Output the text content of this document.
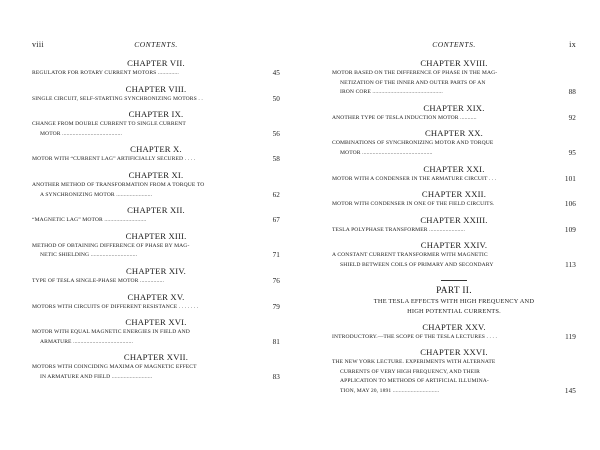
viii	CONTENTS.
CHAPTER VII.
REGULATOR FOR ROTARY CURRENT MOTORS ..............	45
CHAPTER VIII.
SINGLE CIRCUIT, SELF-STARTING SYNCHRONIZING MOTORS . .	50
CHAPTER IX.
CHANGE FROM DOUBLE CURRENT TO SINGLE CURRENT
MOTOR ........................................	56
CHAPTER X.
MOTOR WITH “CURRENT LAG” ARTIFICIALLY SECURED . . . .	58
CHAPTER XI.
ANOTHER METHOD OF TRANSFORMATION FROM A TORQUE TO
A SYNCHRONIZING MOTOR ........................	62
CHAPTER XII.
“MAGNETIC LAG” MOTOR ............................	67
CHAPTER XIII.
METHOD OF OBTAINING DIFFERENCE OF PHASE BY MAG-
NETIC SHIELDING ...............................	71
CHAPTER XIV.
TYPE OF TESLA SINGLE-PHASE MOTOR ................	76
CHAPTER XV.
MOTORS WITH CIRCUITS OF DIFFERENT RESISTANCE . . . . . . .	79
CHAPTER XVI.
MOTOR WITH EQUAL MAGNETIC ENERGIES IN FIELD AND
ARMATURE ........................................	81
CHAPTER XVII.
MOTORS WITH COINCIDING MAXIMA OF MAGNETIC EFFECT
IN ARMATURE AND FIELD ...........................	83
CONTENTS.	ix
CHAPTER XVIII.
MOTOR BASED ON THE DIFFERENCE OF PHASE IN THE MAG-
NETIZATION OF THE INNER AND OUTER PARTS OF AN
IRON CORE ...............................................	88
CHAPTER XIX.
ANOTHER TYPE OF TESLA INDUCTION MOTOR ...........	92
CHAPTER XX.
COMBINATIONS OF SYNCHRONIZING MOTOR AND TORQUE
MOTOR ...............................................	95
CHAPTER XXI.
MOTOR WITH A CONDENSER IN THE ARMATURE CIRCUIT . . .	101
CHAPTER XXII.
MOTOR WITH CONDENSER IN ONE OF THE FIELD CIRCUITS.	106
CHAPTER XXIII.
TESLA POLYPHASE TRANSFORMER ........................	109
CHAPTER XXIV.
A CONSTANT CURRENT TRANSFORMER WITH MAGNETIC
SHIELD BETWEEN COILS OF PRIMARY AND SECONDARY	113
PART II.
THE TESLA EFFECTS WITH HIGH FREQUENCY AND
HIGH POTENTIAL CURRENTS.
CHAPTER XXV.
INTRODUCTORY.—THE SCOPE OF THE TESLA LECTURES . . . .	119
CHAPTER XXVI.
THE NEW YORK LECTURE. EXPERIMENTS WITH ALTERNATE
CURRENTS OF VERY HIGH FREQUENCY, AND THEIR
APPLICATION TO METHODS OF ARTIFICIAL ILLUMINA-
TION, MAY 20, 1891 ...............................	145
